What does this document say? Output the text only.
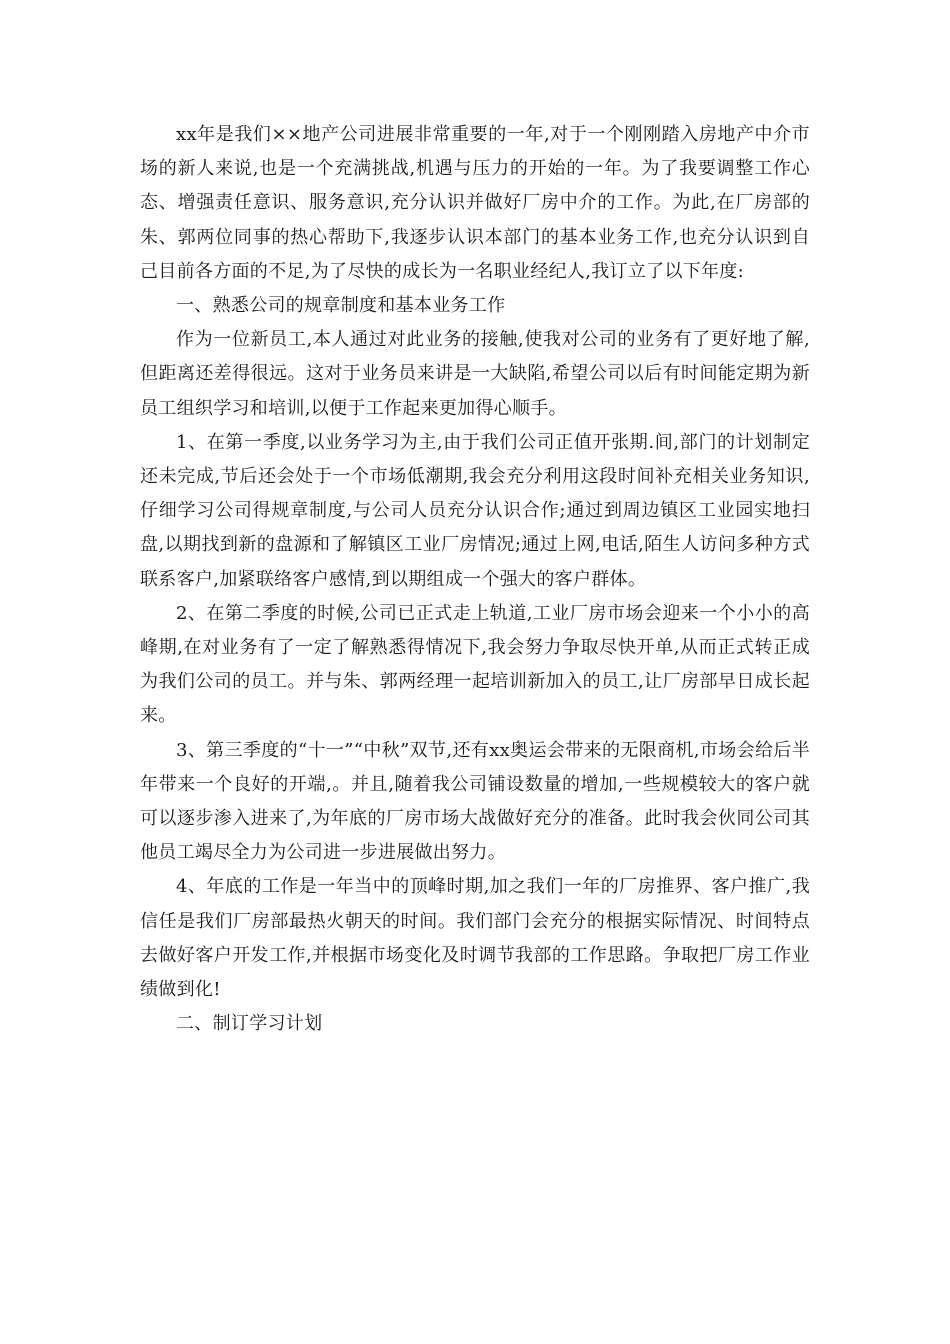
xx年是我们××地产公司进展非常重要的一年,对于一个刚刚踏入房地产中介市场的新人来说,也是一个充满挑战,机遇与压力的开始的一年。为了我要调整工作心态、增强责任意识、服务意识,充分认识并做好厂房中介的工作。为此,在厂房部的朱、郭两位同事的热心帮助下,我逐步认识本部门的基本业务工作,也充分认识到自己目前各方面的不足,为了尽快的成长为一名职业经纪人,我订立了以下年度:

一、熟悉公司的规章制度和基本业务工作

作为一位新员工,本人通过对此业务的接触,使我对公司的业务有了更好地了解,但距离还差得很远。这对于业务员来讲是一大缺陷,希望公司以后有时间能定期为新员工组织学习和培训,以便于工作起来更加得心顺手。

1、在第一季度,以业务学习为主,由于我们公司正值开张期.间,部门的计划制定还未完成,节后还会处于一个市场低潮期,我会充分利用这段时间补充相关业务知识,仔细学习公司得规章制度,与公司人员充分认识合作;通过到周边镇区工业园实地扫盘,以期找到新的盘源和了解镇区工业厂房情况;通过上网,电话,陌生人访问多种方式联系客户,加紧联络客户感情,到以期组成一个强大的客户群体。

2、在第二季度的时候,公司已正式走上轨道,工业厂房市场会迎来一个小小的高峰期,在对业务有了一定了解熟悉得情况下,我会努力争取尽快开单,从而正式转正成为我们公司的员工。并与朱、郭两经理一起培训新加入的员工,让厂房部早日成长起来。

3、第三季度的“十一”“中秋”双节,还有xx奥运会带来的无限商机,市场会给后半年带来一个良好的开端,。并且,随着我公司铺设数量的增加,一些规模较大的客户就可以逐步渗入进来了,为年底的厂房市场大战做好充分的准备。此时我会伙同公司其他员工竭尽全力为公司进一步进展做出努力。

4、年底的工作是一年当中的顶峰时期,加之我们一年的厂房推界、客户推广,我信任是我们厂房部最热火朝天的时间。我们部门会充分的根据实际情况、时间特点去做好客户开发工作,并根据市场变化及时调节我部的工作思路。争取把厂房工作业绩做到化!

二、制订学习计划
